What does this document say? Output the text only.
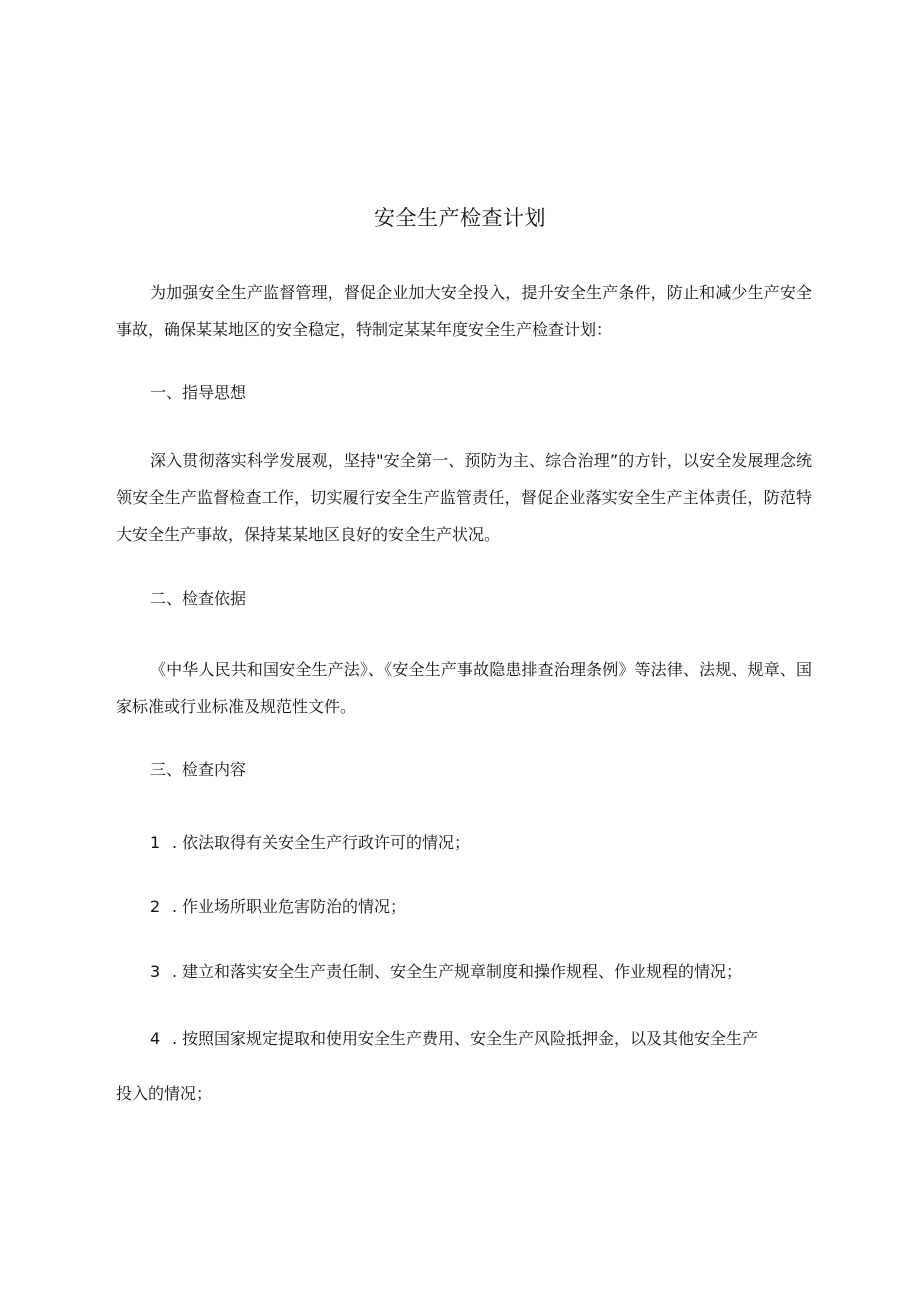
安全生产检查计划

为加强安全生产监督管理，督促企业加大安全投入，提升安全生产条件，防止和减少生产安全事故，确保某某地区的安全稳定，特制定某某年度安全生产检查计划：

一、指导思想

深入贯彻落实科学发展观，坚持"安全第一、预防为主、综合治理”的方针，以安全发展理念统领安全生产监督检查工作，切实履行安全生产监管责任，督促企业落实安全生产主体责任，防范特大安全生产事故，保持某某地区良好的安全生产状况。

二、检查依据

《中华人民共和国安全生产法》、《安全生产事故隐患排查治理条例》等法律、法规、规章、国家标准或行业标准及规范性文件。

三、检查内容
1 . 依法取得有关安全生产行政许可的情况；
2 . 作业场所职业危害防治的情况；
3 . 建立和落实安全生产责任制、安全生产规章制度和操作规程、作业规程的情况；
4 . 按照国家规定提取和使用安全生产费用、安全生产风险抵押金，以及其他安全生产
投入的情况；
